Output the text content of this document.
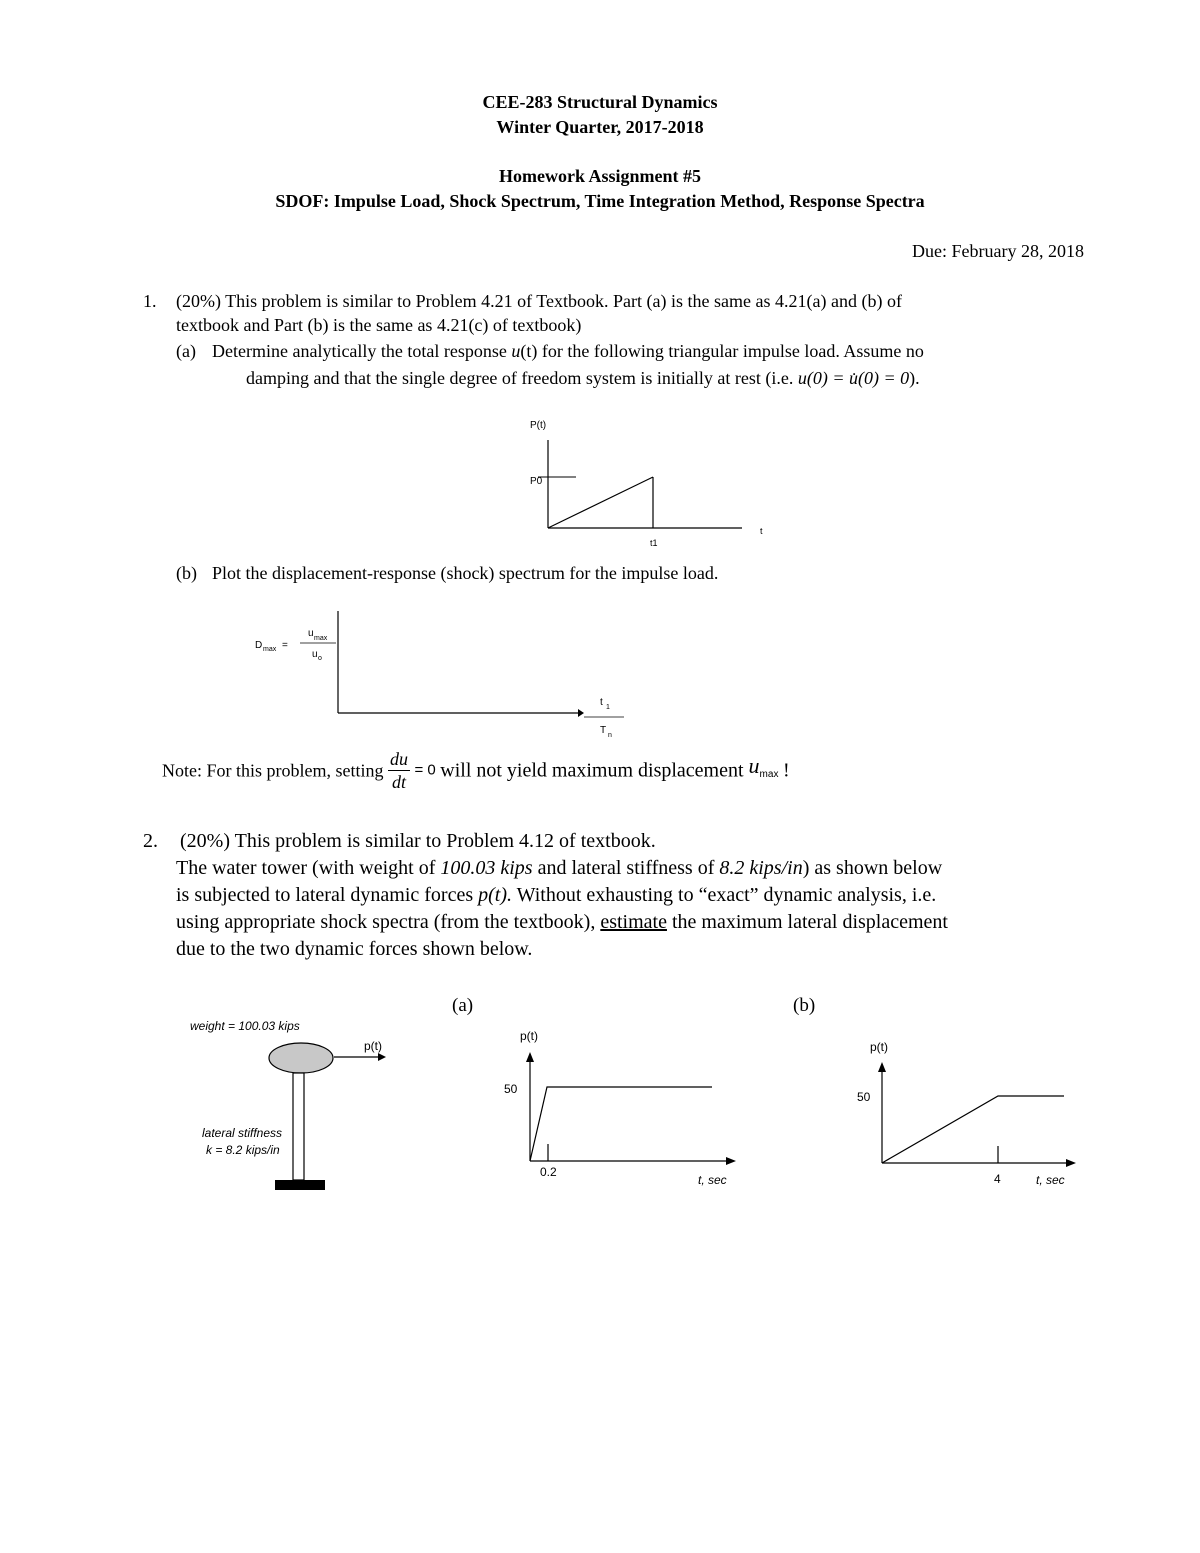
CEE-283 Structural Dynamics
Winter Quarter, 2017-2018
Homework Assignment #5
SDOF: Impulse Load, Shock Spectrum, Time Integration Method, Response Spectra
Due: February 28, 2018
1. (20%) This problem is similar to Problem 4.21 of Textbook. Part (a) is the same as 4.21(a) and (b) of
textbook and Part (b) is the same as 4.21(c) of textbook)
(a) Determine analytically the total response u(t) for the following triangular impulse load. Assume no
damping and that the single degree of freedom system is initially at rest (i.e. u(0) = u̇(0) = 0).
P(t)
P0
t
t1
(b) Plot the displacement-response (shock) spectrum for the impulse load.
D max =
u max
u o
t 1
T n
Note: For this problem, setting $\frac{du}{dt} = 0$ will not yield maximum displacement $u_{max}$ !
2. (20%) This problem is similar to Problem 4.12 of textbook.
The water tower (with weight of 100.03 kips and lateral stiffness of 8.2 kips/in) as shown below
is subjected to lateral dynamic forces p(t). Without exhausting to “exact” dynamic analysis, i.e.
using appropriate shock spectra (from the textbook), estimate the maximum lateral displacement
due to the two dynamic forces shown below.
(a)	(b)
weight = 100.03 kips
p(t)
lateral stiffness
k = 8.2 kips/in
p(t)
50
0.2
t, sec
p(t)
50
4	t, sec
